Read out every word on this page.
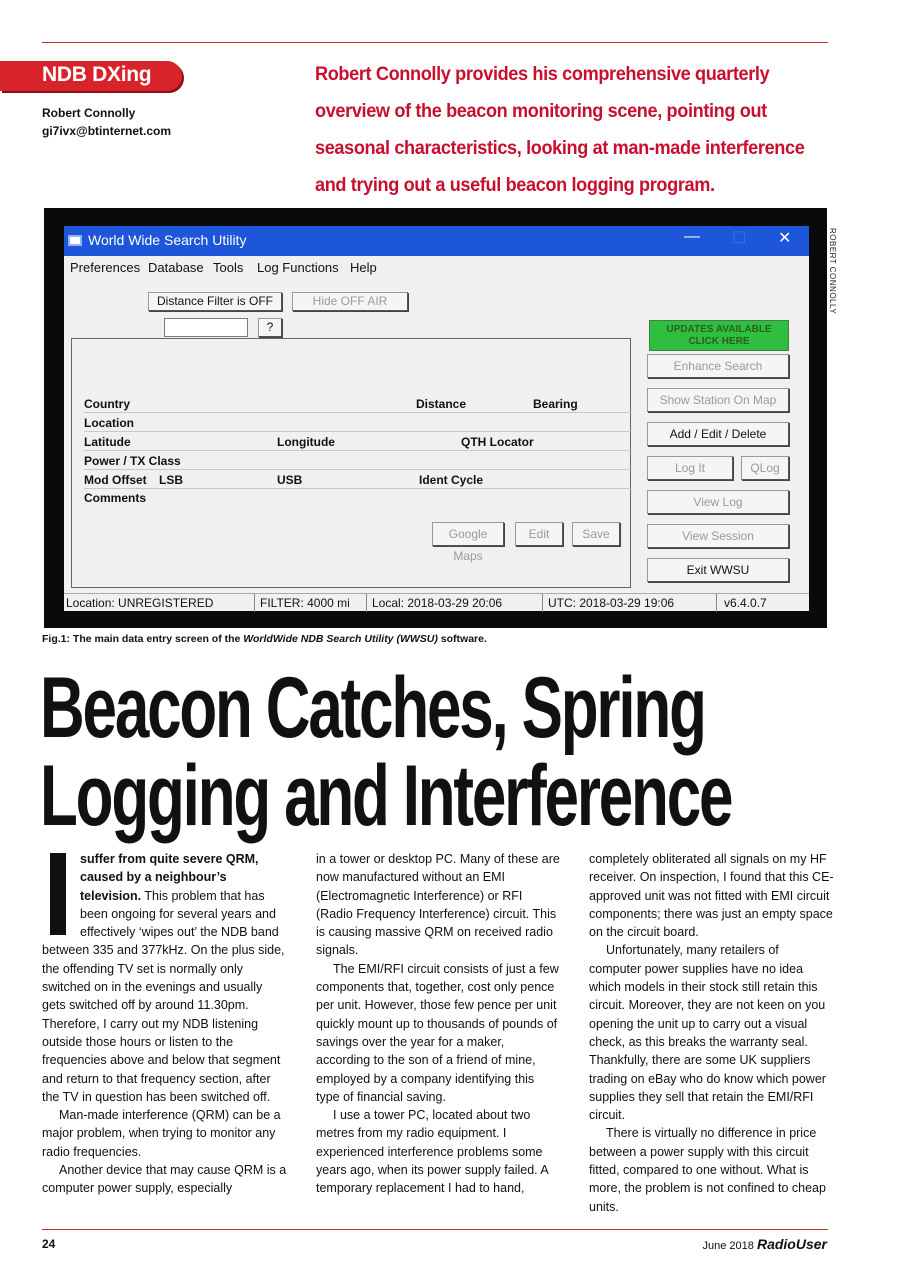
NDB DXing
Robert Connolly
gi7ivx@btinternet.com
Robert Connolly provides his comprehensive quarterly
overview of the beacon monitoring scene, pointing out
seasonal characteristics, looking at man-made interference
and trying out a useful beacon logging program.
ROBERT CONNOLLY
World Wide Search Utility	— ☐ ✕
Preferences Database Tools Log Functions Help
Distance Filter is OFF	Hide OFF AIR
?	UPDATES AVAILABLE
CLICK HERE
Enhance Search
Show Station On Map
Add / Edit / Delete
Log It	QLog
View Log
View Session
Exit WWSU
Country	Distance	Bearing
Location
Latitude	Longitude	QTH Locator
Power / TX Class
Mod Offset LSB	USB	Ident Cycle
Comments
Google Maps
Edit	Save
Location: UNREGISTERED	FILTER: 4000 mi Local: 2018-03-29 20:06	UTC: 2018-03-29 19:06	v6.4.0.7
Fig.1: The main data entry screen of the WorldWide NDB Search Utility (WWSU) software.
Beacon Catches, Spring
Logging and Interference

suffer from quite severe QRM, caused by a neighbour’s television. This problem that has been ongoing for several years and effectively ‘wipes out’ the NDB band between 335 and 377kHz. On the plus side, the offending TV set is normally only switched on in the evenings and usually gets switched off by around 11.30pm. Therefore, I carry out my NDB listening outside those hours or listen to the frequencies above and below that segment and return to that frequency section, after the TV in question has been switched off.

Man-made interference (QRM) can be a major problem, when trying to monitor any radio frequencies.

Another device that may cause QRM is a computer power supply, especially

in a tower or desktop PC. Many of these are now manufactured without an EMI (Electromagnetic Interference) or RFI (Radio Frequency Interference) circuit. This is causing massive QRM on received radio signals.

The EMI/RFI circuit consists of just a few components that, together, cost only pence per unit. However, those few pence per unit quickly mount up to thousands of pounds of savings over the year for a maker, according to the son of a friend of mine, employed by a company identifying this type of financial saving.

I use a tower PC, located about two metres from my radio equipment. I experienced interference problems some years ago, when its power supply failed. A temporary replacement I had to hand,

completely obliterated all signals on my HF receiver. On inspection, I found that this CE-approved unit was not fitted with EMI circuit components; there was just an empty space on the circuit board.

Unfortunately, many retailers of computer power supplies have no idea which models in their stock still retain this circuit. Moreover, they are not keen on you opening the unit up to carry out a visual check, as this breaks the warranty seal. Thankfully, there are some UK suppliers trading on eBay who do know which power supplies they sell that retain the EMI/RFI circuit.

There is virtually no difference in price between a power supply with this circuit fitted, compared to one without. What is more, the problem is not confined to cheap units.

24	June 2018 RadioUser
